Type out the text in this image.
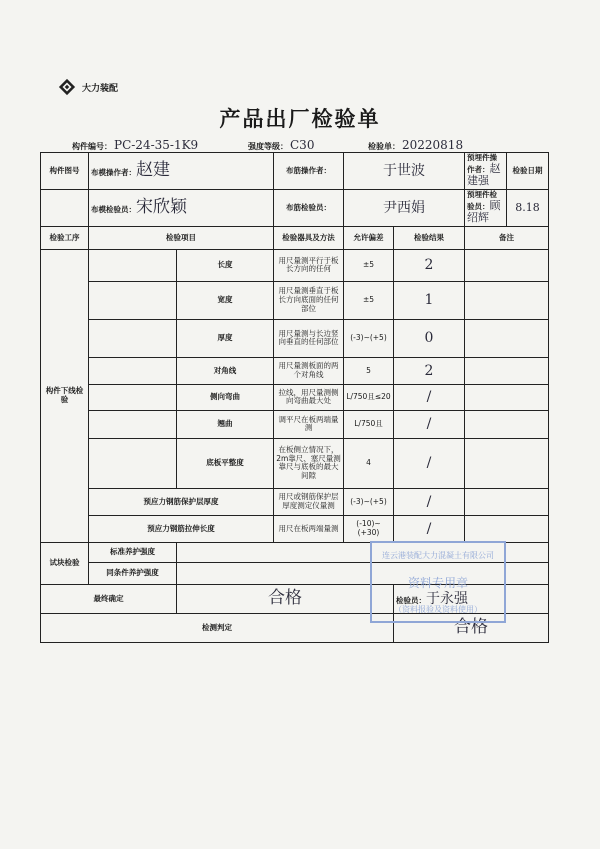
大力装配
产品出厂检验单
构件编号： PC-24-35-1K9	强度等级： C30	检验单： 20220818
构件图号	布模操作者：赵建		布筋操作者：	于世波		预埋件操作者：赵建强	检验日期
	布模检验员：宋欣颖		布筋检验员：	尹西娟		预埋件检验员：顾绍辉	8.18
检验工序	检验项目		检验器具及方法	允许偏差	检验结果	备注	
构件下线检验		长度	用尺量测平行于板长方向的任何	±5	2		
		宽度	用尺量测垂直于板长方向底面的任何部位	±5	1		
		厚度	用尺量测与长边竖向垂直的任何部位	(-3)~(+5)	0		
		对角线	用尺量测板面的两个对角线	5	2		
		侧向弯曲	拉线，用尺量测侧向弯曲最大处	L/750且≤20	/		
		翘曲	调平尺在板两端量测	L/750且	/		
		底板平整度	在板侧立情况下，2m靠尺、塞尺量测靠尺与底板的最大间隙	4	/		
	预应力钢筋保护层厚度		用尺或钢筋保护层厚度测定仪量测	(-3)~(+5)	/		
	预应力钢筋拉伸长度		用尺在板两端量测	(-10)~(+30)	/		
试块检验	标准养护强度						
	同条件养护强度						
最终确定		合格			检验员：于永强		
检测判定					合格		
连云港装配大力混凝土有限公司
资料专用章
（资料报验及资料使用）
